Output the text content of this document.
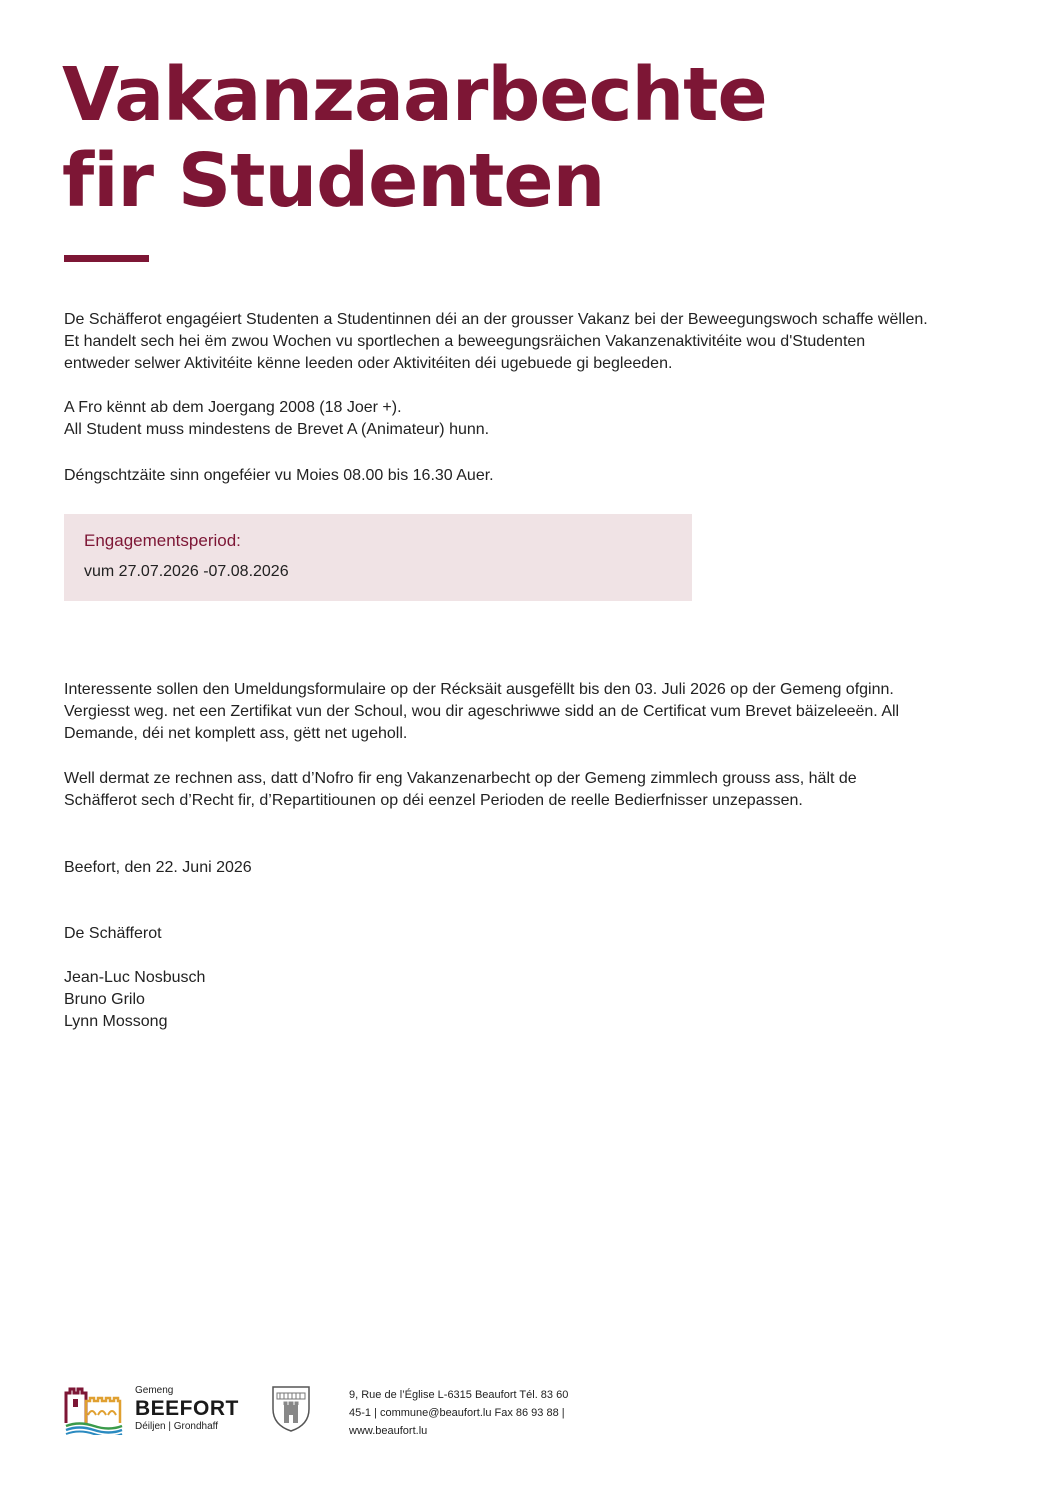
Vakanzaarbechte
fir Studenten

De Schäfferot engagéiert Studenten a Studentinnen déi an der grousser Vakanz bei der Beweegungswoch schaffe wëllen.
Et handelt sech hei ëm zwou Wochen vu sportlechen a beweegungsräichen Vakanzenaktivitéite wou d'Studenten
entweder selwer Aktivitéite kënne leeden oder Aktivitéiten déi ugebuede gi begleeden.

A Fro kënnt ab dem Joergang 2008 (18 Joer +).
All Student muss mindestens de Brevet A (Animateur) hunn.

Déngschtzäite sinn ongeféier vu Moies 08.00 bis 16.30 Auer.

Engagementsperiod:
vum 27.07.2026 -07.08.2026

Interessente sollen den Umeldungsformulaire op der Récksäit ausgefëllt bis den 03. Juli 2026 op der Gemeng ofginn.
Vergiesst weg. net een Zertifikat vun der Schoul, wou dir ageschriwwe sidd an de Certificat vum Brevet bäizeleeën. All
Demande, déi net komplett ass, gëtt net ugeholl.

Well dermat ze rechnen ass, datt d’Nofro fir eng Vakanzenarbecht op der Gemeng zimmlech grouss ass, hält de
Schäfferot sech d’Recht fir, d’Repartitiounen op déi eenzel Perioden de reelle Bedierfnisser unzepassen.

Beefort, den 22. Juni 2026

De Schäfferot

Jean-Luc Nosbusch
Bruno Grilo
Lynn Mossong

Gemeng
BEEFORT
Déiljen | Grondhaff
9, Rue de l’Église L-6315 Beaufort Tél. 83 60
45-1 | commune@beaufort.lu Fax 86 93 88 |
www.beaufort.lu
